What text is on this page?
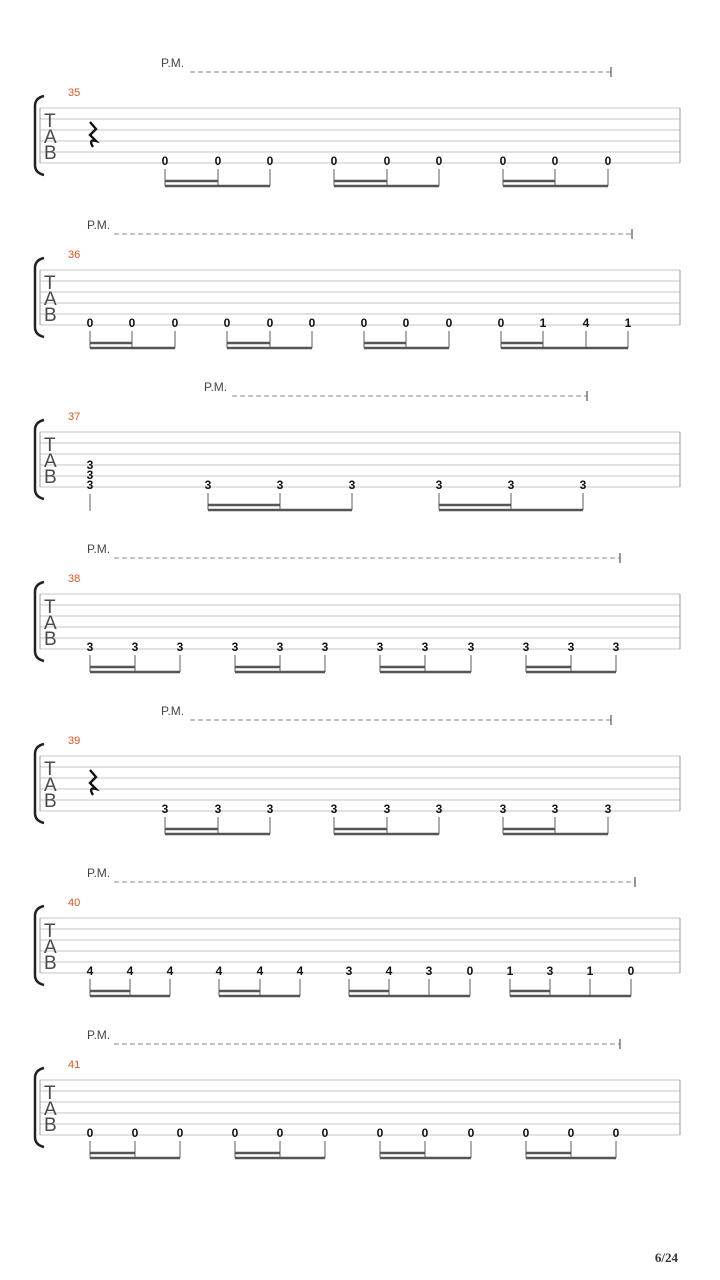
P.M.
35
T
A
B	0	0	0	0	0	0	0	0	0
P.M.
36
T
A
B 0	0	0	0	0	0	0	0	0	0	1	4	1
P.M.
37
T
A
B 3
3
3
3	3	3	3	3	3
P.M.
38
T
A
B 3	3	3	3	3	3	3	3	3	3	3	3
P.M.
39
T
A
B	3	3	3	3	3	3	3	3	3
P.M.
40
T
A
B 4	4	4	4	4	4	3	4	3	0	1	3	1	0
P.M.
41
T
A
B 0	0	0	0	0	0	0	0	0	0	0	0
6/24
